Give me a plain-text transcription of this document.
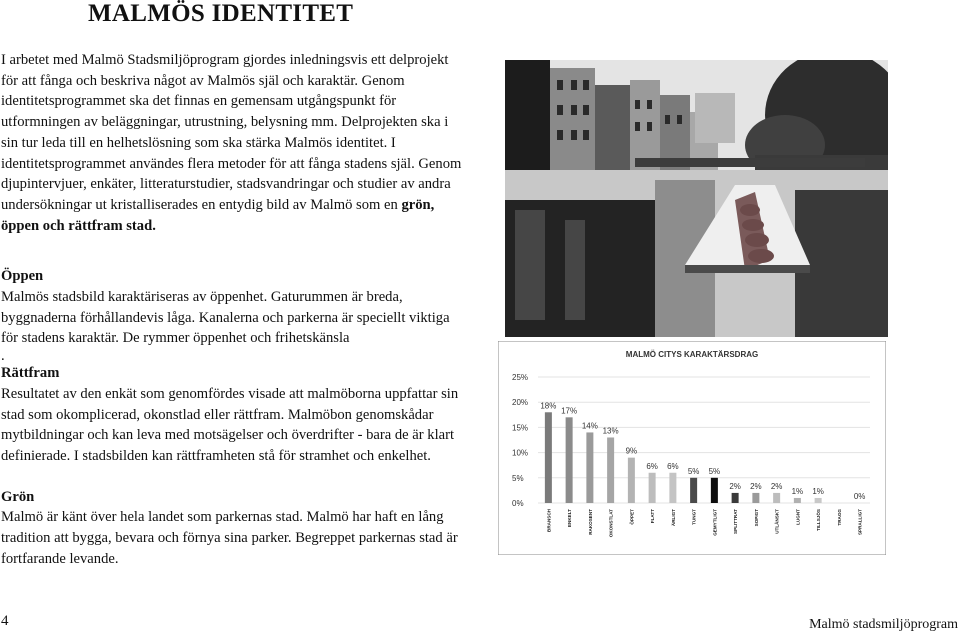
MALMÖS IDENTITET

I arbetet med Malmö Stadsmiljöprogram gjordes inledningsvis ett delprojekt för att fånga och beskriva något av Malmös själ och karaktär. Genom identitetsprogrammet ska det finnas en gemensam utgångspunkt för utformningen av beläggningar, utrustning, belysning mm. Delprojekten ska i sin tur leda till en helhetslösning som ska stärka Malmös identitet. I identitetsprogrammet användes flera metoder för att fånga stadens själ. Genom djupintervjuer, enkäter, litteraturstudier, stadsvandringar och studier av andra undersökningar ut kristalliserades en entydig bild av Malmö som en grön, öppen och rättfram stad.

Öppen

Malmös stadsbild karaktäriseras av öppenhet. Gaturummen är breda, byggnaderna förhållandevis låga. Kanalerna och parkerna är speciellt viktiga för stadens karaktär. De rymmer öppenhet och frihetskänsla

.

Rättfram

Resultatet av den enkät som genomfördes visade att malmöborna uppfattar sin stad som okomplicerad, okonstlad eller rättfram. Malmöbon genomskådar mytbildningar och kan leva med motsägelser och överdrifter - bara de är klart definierade. I stadsbilden kan rättframheten stå för stramhet och enkelhet.

Grön

Malmö är känt över hela landet som parkernas stad. Malmö har haft en lång tradition att bygga, bevara och förnya sina parker. Begreppet parkernas stad är fortfarande levande.

MALMÖ CITYS KARAKTÄRSDRAG
25%
20%
15%
10%
5%
0%
18%
17%
14%
13%
9%
6% 6%
5% 5%
2% 2% 2%
1% 1%
0%
BRANSCH	ENKELT	RAKOSENT	OKONSTLAT	ÖPPET	FLATT	ÄRLIGT	TUNGT	GEMYTLIGT	SPLITTRAT	SOPIGT	UTLÅNSKT	LUGNT	TILLSJÖS	TRAGG	SPRALLIGT
4	Malmö stadsmiljöprogram
